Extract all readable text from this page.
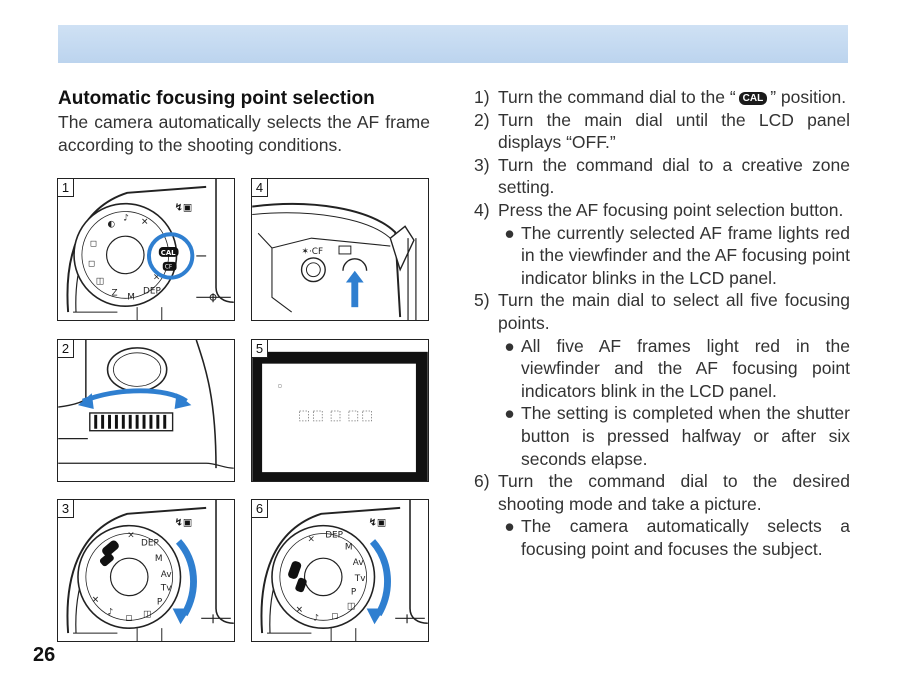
Automatic focusing point selection

The camera automatically selects the AF frame according to the shooting conditions.

1
◐
♪ ✕
◻
◻
◫
Z M
DEP
×
CAL
CF
↯▣
4
✶·CF
2	5
▫
3
×
DEP
M
Av
Tv
P
◫
◻
♪
✕
↯▣
6
× DEP
M
Av
Tv
P
◫
◻
♪
✕
↯▣
26
1) Turn the command dial to the “ CAL ” position.
2) Turn the main dial until the LCD panel displays “OFF.”
3) Turn the command dial to a creative zone setting.
4) Press the AF focusing point selection button.
● The currently selected AF frame lights red in the viewfinder and the AF focusing point indicator blinks in the LCD panel.
5) Turn the main dial to select all five focusing points.
● All five AF frames light red in the viewfinder and the AF focusing point indicators blink in the LCD panel.
● The setting is completed when the shutter button is pressed halfway or after six seconds elapse.
6) Turn the command dial to the desired shooting mode and take a picture.
● The camera automatically selects a focusing point and focuses the subject.
